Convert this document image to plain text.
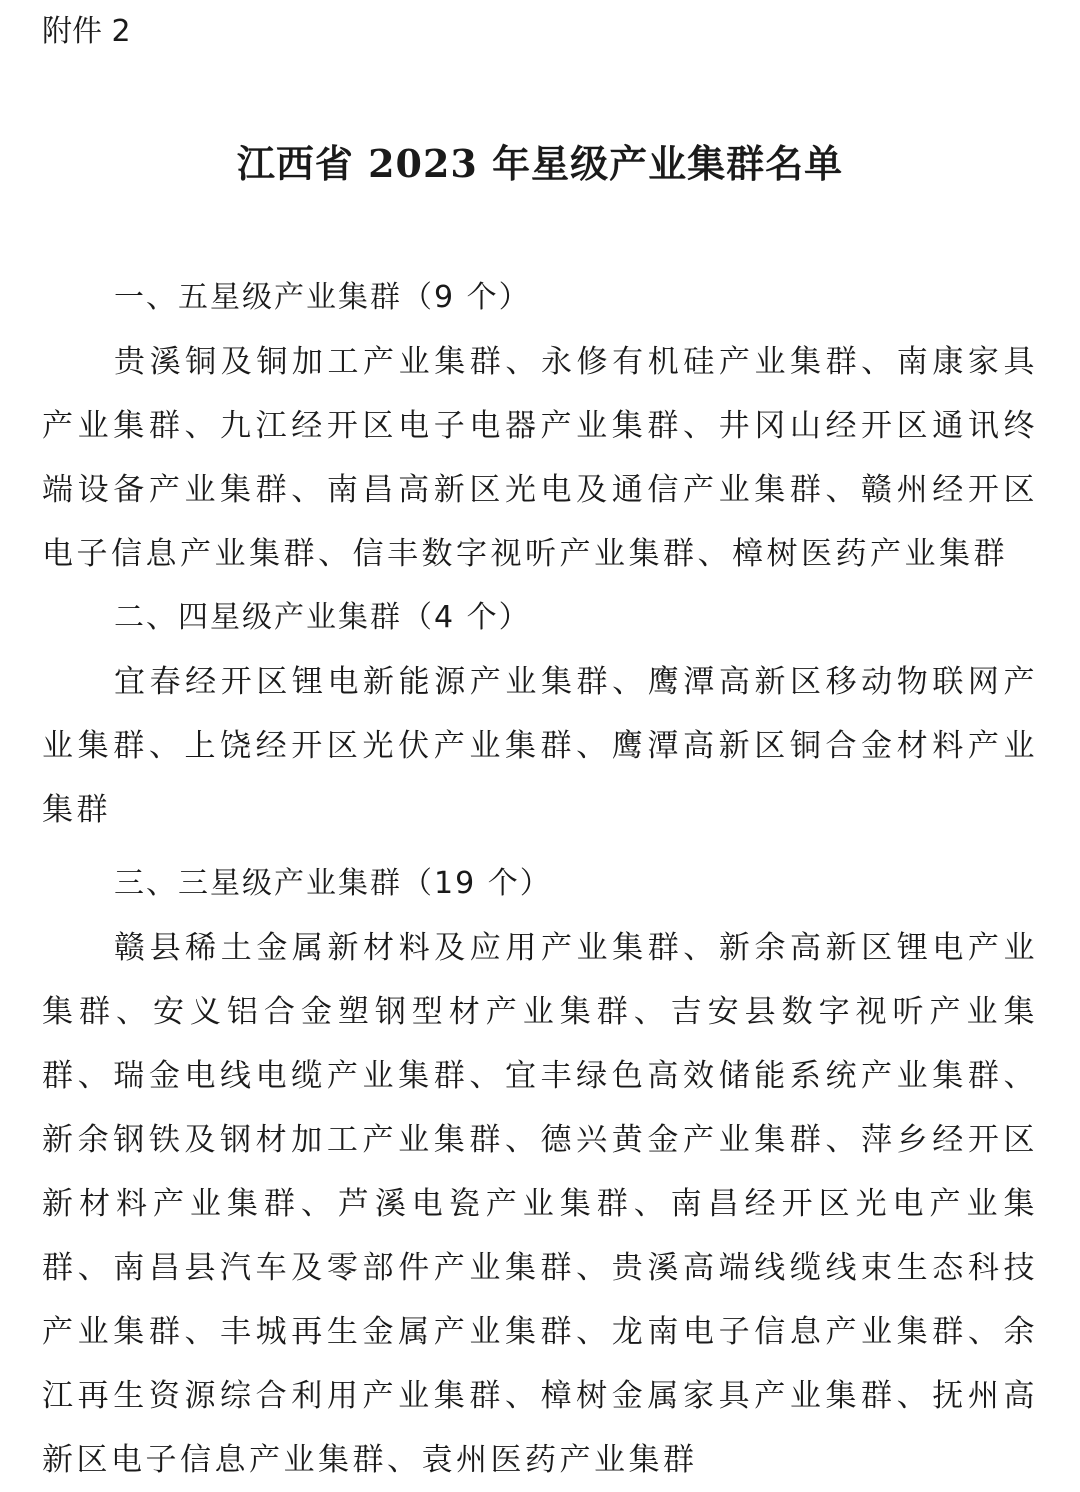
附件 2
江西省 2023 年星级产业集群名单
一、五星级产业集群（9 个）

贵溪铜及铜加工产业集群、永修有机硅产业集群、南康家具产业集群、九江经开区电子电器产业集群、井冈山经开区通讯终端设备产业集群、南昌高新区光电及通信产业集群、赣州经开区电子信息产业集群、信丰数字视听产业集群、樟树医药产业集群

二、四星级产业集群（4 个）

宜春经开区锂电新能源产业集群、鹰潭高新区移动物联网产业集群、上饶经开区光伏产业集群、鹰潭高新区铜合金材料产业集群

三、三星级产业集群（19 个）

赣县稀土金属新材料及应用产业集群、新余高新区锂电产业集群、安义铝合金塑钢型材产业集群、吉安县数字视听产业集群、瑞金电线电缆产业集群、宜丰绿色高效储能系统产业集群、新余钢铁及钢材加工产业集群、德兴黄金产业集群、萍乡经开区新材料产业集群、芦溪电瓷产业集群、南昌经开区光电产业集群、南昌县汽车及零部件产业集群、贵溪高端线缆线束生态科技产业集群、丰城再生金属产业集群、龙南电子信息产业集群、余江再生资源综合利用产业集群、樟树金属家具产业集群、抚州高新区电子信息产业集群、袁州医药产业集群
